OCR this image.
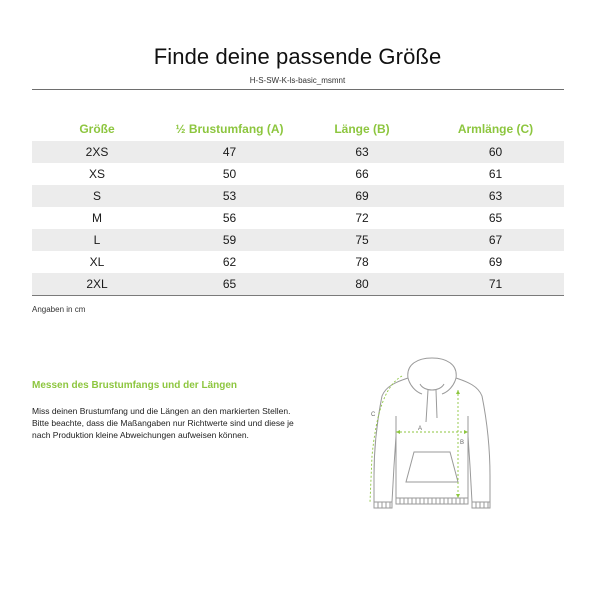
Finde deine passende Größe
H-S-SW-K-ls-basic_msmnt
Größe	½ Brustumfang (A)	Länge (B)	Armlänge (C)
2XS	47	63	60
XS	50	66	61
S	53	69	63
M	56	72	65
L	59	75	67
XL	62	78	69
2XL	65	80	71
Angaben in cm
Messen des Brustumfangs und der Längen

Miss deinen Brustumfang und die Längen an den markierten Stellen.

Bitte beachte, dass die Maßangaben nur Richtwerte sind und diese je nach Produktion kleine Abweichungen aufweisen können.

A
B
C
